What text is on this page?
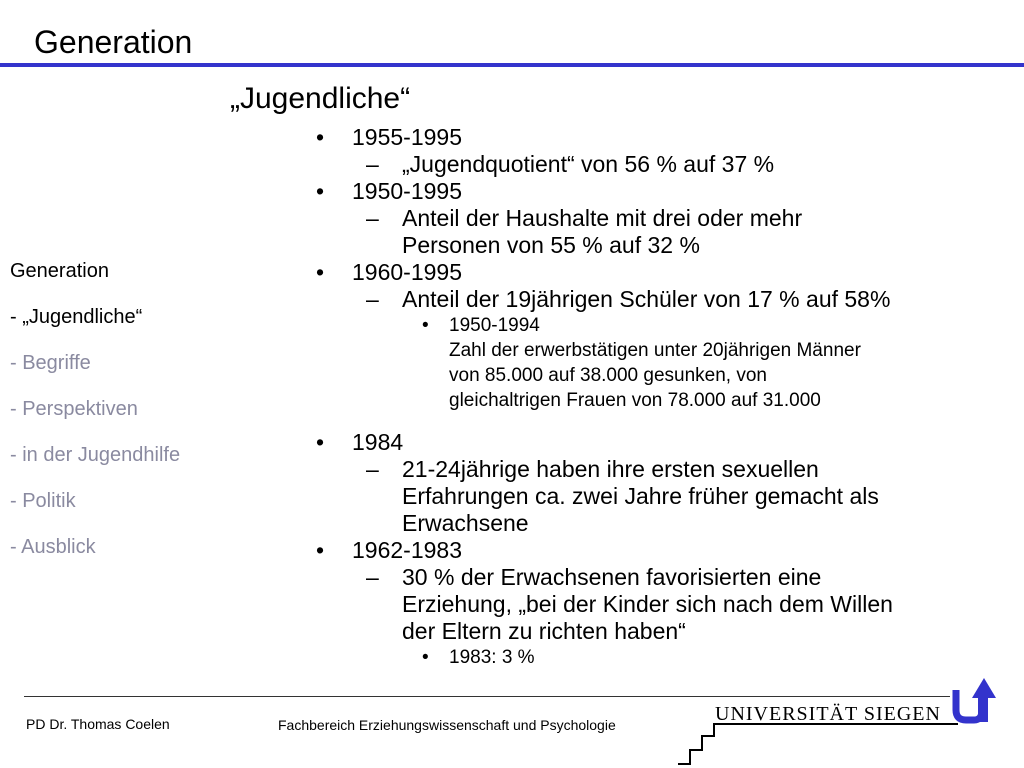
Generation
„Jugendliche“
Generation
- „Jugendliche“
- Begriffe
- Perspektiven
- in der Jugendhilfe
- Politik
- Ausblick
• 1955-1995
– „Jugendquotient“ von 56 % auf 37 %
• 1950-1995
– Anteil der Haushalte mit drei oder mehr
Personen von 55 % auf 32 %
• 1960-1995
– Anteil der 19jährigen Schüler von 17 % auf 58%
• 1950-1994
Zahl der erwerbstätigen unter 20jährigen Männer
von 85.000 auf 38.000 gesunken, von
gleichaltrigen Frauen von 78.000 auf 31.000
• 1984
– 21-24jährige haben ihre ersten sexuellen
Erfahrungen ca. zwei Jahre früher gemacht als
Erwachsene
• 1962-1983
– 30 % der Erwachsenen favorisierten eine
Erziehung, „bei der Kinder sich nach dem Willen
der Eltern zu richten haben“
• 1983: 3 %
PD Dr. Thomas Coelen	Fachbereich Erziehungswissenschaft und Psychologie	UNIVERSITÄT SIEGEN
